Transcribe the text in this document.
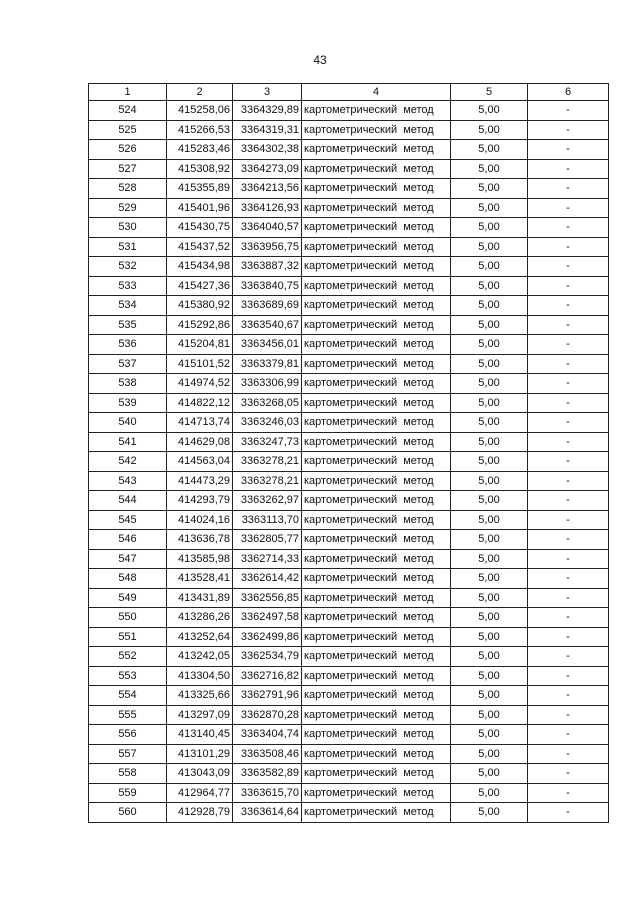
43
1	2	3	4	5	6
524	415258,06	3364329,89	картометрический метод	5,00	-
525	415266,53	3364319,31	картометрический метод	5,00	-
526	415283,46	3364302,38	картометрический метод	5,00	-
527	415308,92	3364273,09	картометрический метод	5,00	-
528	415355,89	3364213,56	картометрический метод	5,00	-
529	415401,96	3364126,93	картометрический метод	5,00	-
530	415430,75	3364040,57	картометрический метод	5,00	-
531	415437,52	3363956,75	картометрический метод	5,00	-
532	415434,98	3363887,32	картометрический метод	5,00	-
533	415427,36	3363840,75	картометрический метод	5,00	-
534	415380,92	3363689,69	картометрический метод	5,00	-
535	415292,86	3363540,67	картометрический метод	5,00	-
536	415204,81	3363456,01	картометрический метод	5,00	-
537	415101,52	3363379,81	картометрический метод	5,00	-
538	414974,52	3363306,99	картометрический метод	5,00	-
539	414822,12	3363268,05	картометрический метод	5,00	-
540	414713,74	3363246,03	картометрический метод	5,00	-
541	414629,08	3363247,73	картометрический метод	5,00	-
542	414563,04	3363278,21	картометрический метод	5,00	-
543	414473,29	3363278,21	картометрический метод	5,00	-
544	414293,79	3363262,97	картометрический метод	5,00	-
545	414024,16	3363113,70	картометрический метод	5,00	-
546	413636,78	3362805,77	картометрический метод	5,00	-
547	413585,98	3362714,33	картометрический метод	5,00	-
548	413528,41	3362614,42	картометрический метод	5,00	-
549	413431,89	3362556,85	картометрический метод	5,00	-
550	413286,26	3362497,58	картометрический метод	5,00	-
551	413252,64	3362499,86	картометрический метод	5,00	-
552	413242,05	3362534,79	картометрический метод	5,00	-
553	413304,50	3362716,82	картометрический метод	5,00	-
554	413325,66	3362791,96	картометрический метод	5,00	-
555	413297,09	3362870,28	картометрический метод	5,00	-
556	413140,45	3363404,74	картометрический метод	5,00	-
557	413101,29	3363508,46	картометрический метод	5,00	-
558	413043,09	3363582,89	картометрический метод	5,00	-
559	412964,77	3363615,70	картометрический метод	5,00	-
560	412928,79	3363614,64	картометрический метод	5,00	-
